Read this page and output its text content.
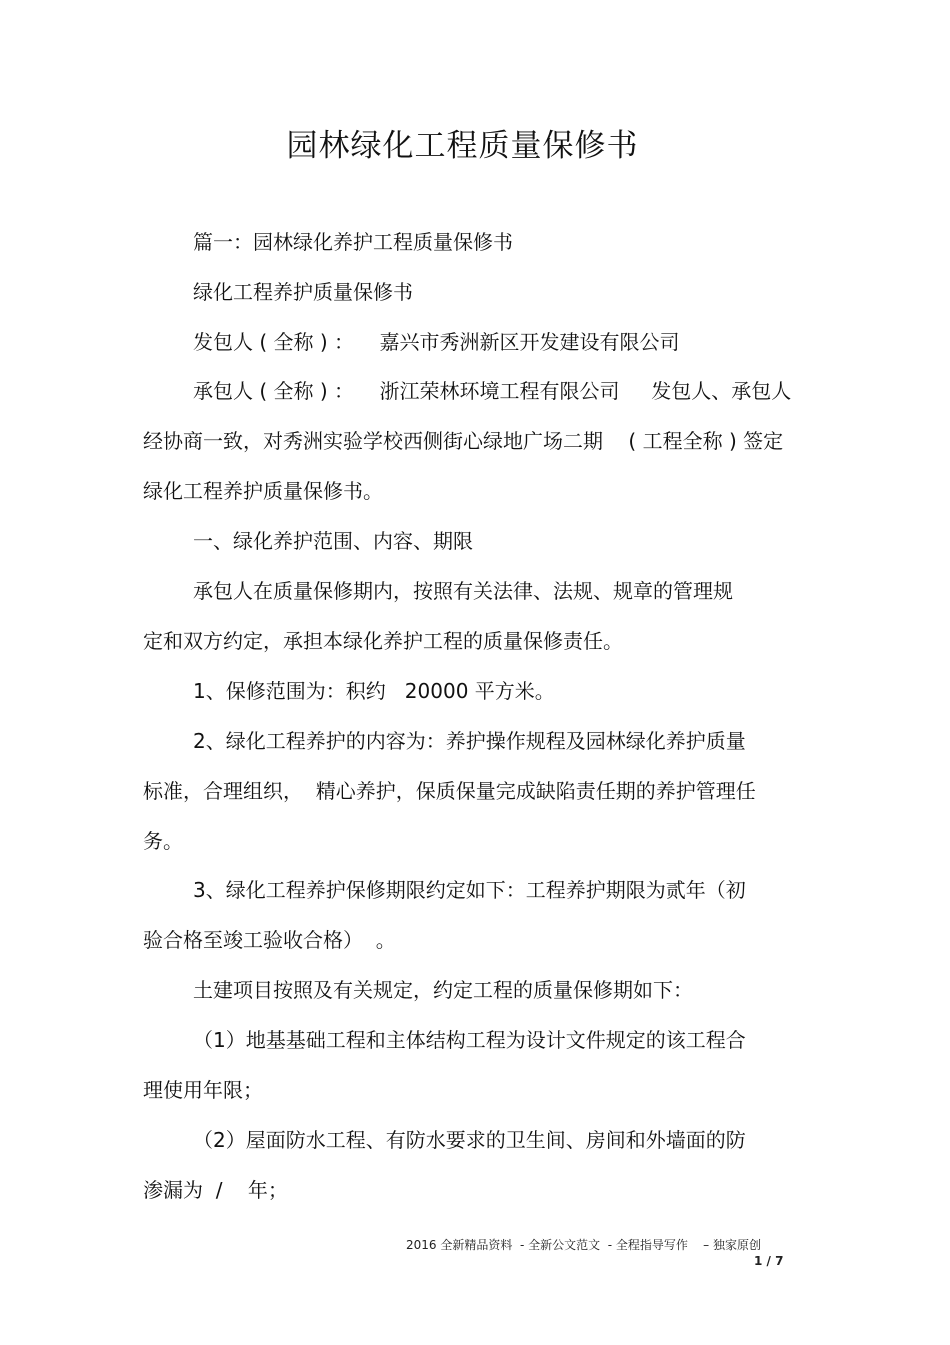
园林绿化工程质量保修书
篇一：园林绿化养护工程质量保修书
绿化工程养护质量保修书
发包人 ( 全称 ) ：    嘉兴市秀洲新区开发建设有限公司
承包人 ( 全称 ) ：    浙江荣林环境工程有限公司     发包人、承包人
经协商一致，对秀洲实验学校西侧街心绿地广场二期    ( 工程全称 ) 签定
绿化工程养护质量保修书。
一、绿化养护范围、内容、期限
承包人在质量保修期内，按照有关法律、法规、规章的管理规
定和双方约定，承担本绿化养护工程的质量保修责任。
1、保修范围为：积约   20000 平方米。
2、绿化工程养护的内容为：养护操作规程及园林绿化养护质量
标准，合理组织，  精心养护，保质保量完成缺陷责任期的养护管理任
务。
3、绿化工程养护保修期限约定如下：工程养护期限为贰年（初
验合格至竣工验收合格）  。
土建项目按照及有关规定，约定工程的质量保修期如下：
（1）地基基础工程和主体结构工程为设计文件规定的该工程合
理使用年限；
（2）屋面防水工程、有防水要求的卫生间、房间和外墙面的防
渗漏为  /    年；
2016 全新精品资料  - 全新公文范文  - 全程指导写作    – 独家原创
1 / 7
